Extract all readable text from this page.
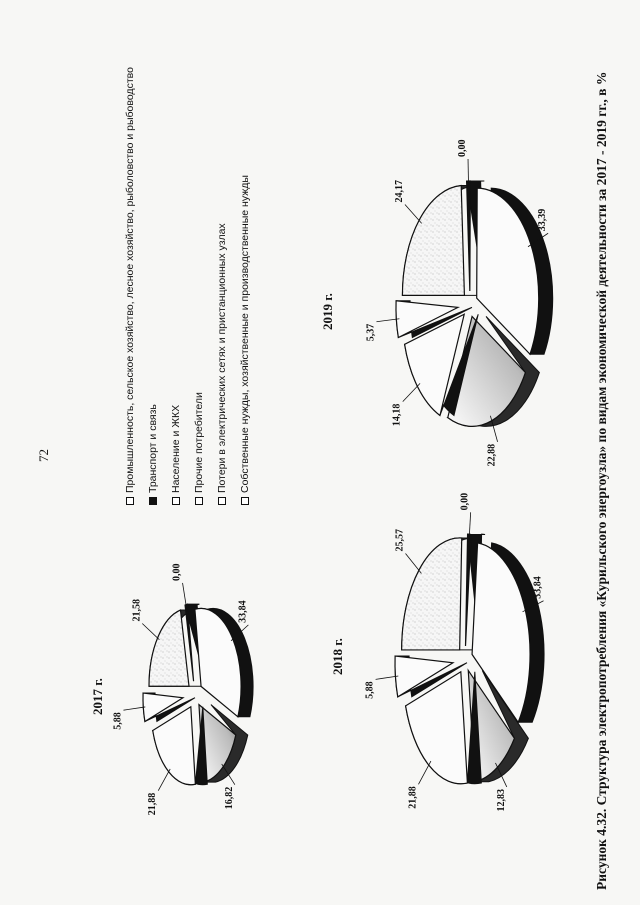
72
2017 г.
2018 г.
2019 г.
21,58
0,00
33,84
16,82
21,88
5,88
25,57
0,00
33,84
12,83
21,88
5,88
24,17
0,00
33,39
22,88
14,18
5,37
Промышленность, сельское хозяйство, лесное хозяйство, рыболовство и рыбоводство Транспорт и связь Население и ЖКХ Прочие потребители Потери в электрических сетях и пристанционных узлах Собственные нужды, хозяйственные и производственные нужды	Рисунок 4.32. Структура электропотребления «Курильского энергоузла» по видам экономической деятельности за 2017 - 2019 гг., в %
